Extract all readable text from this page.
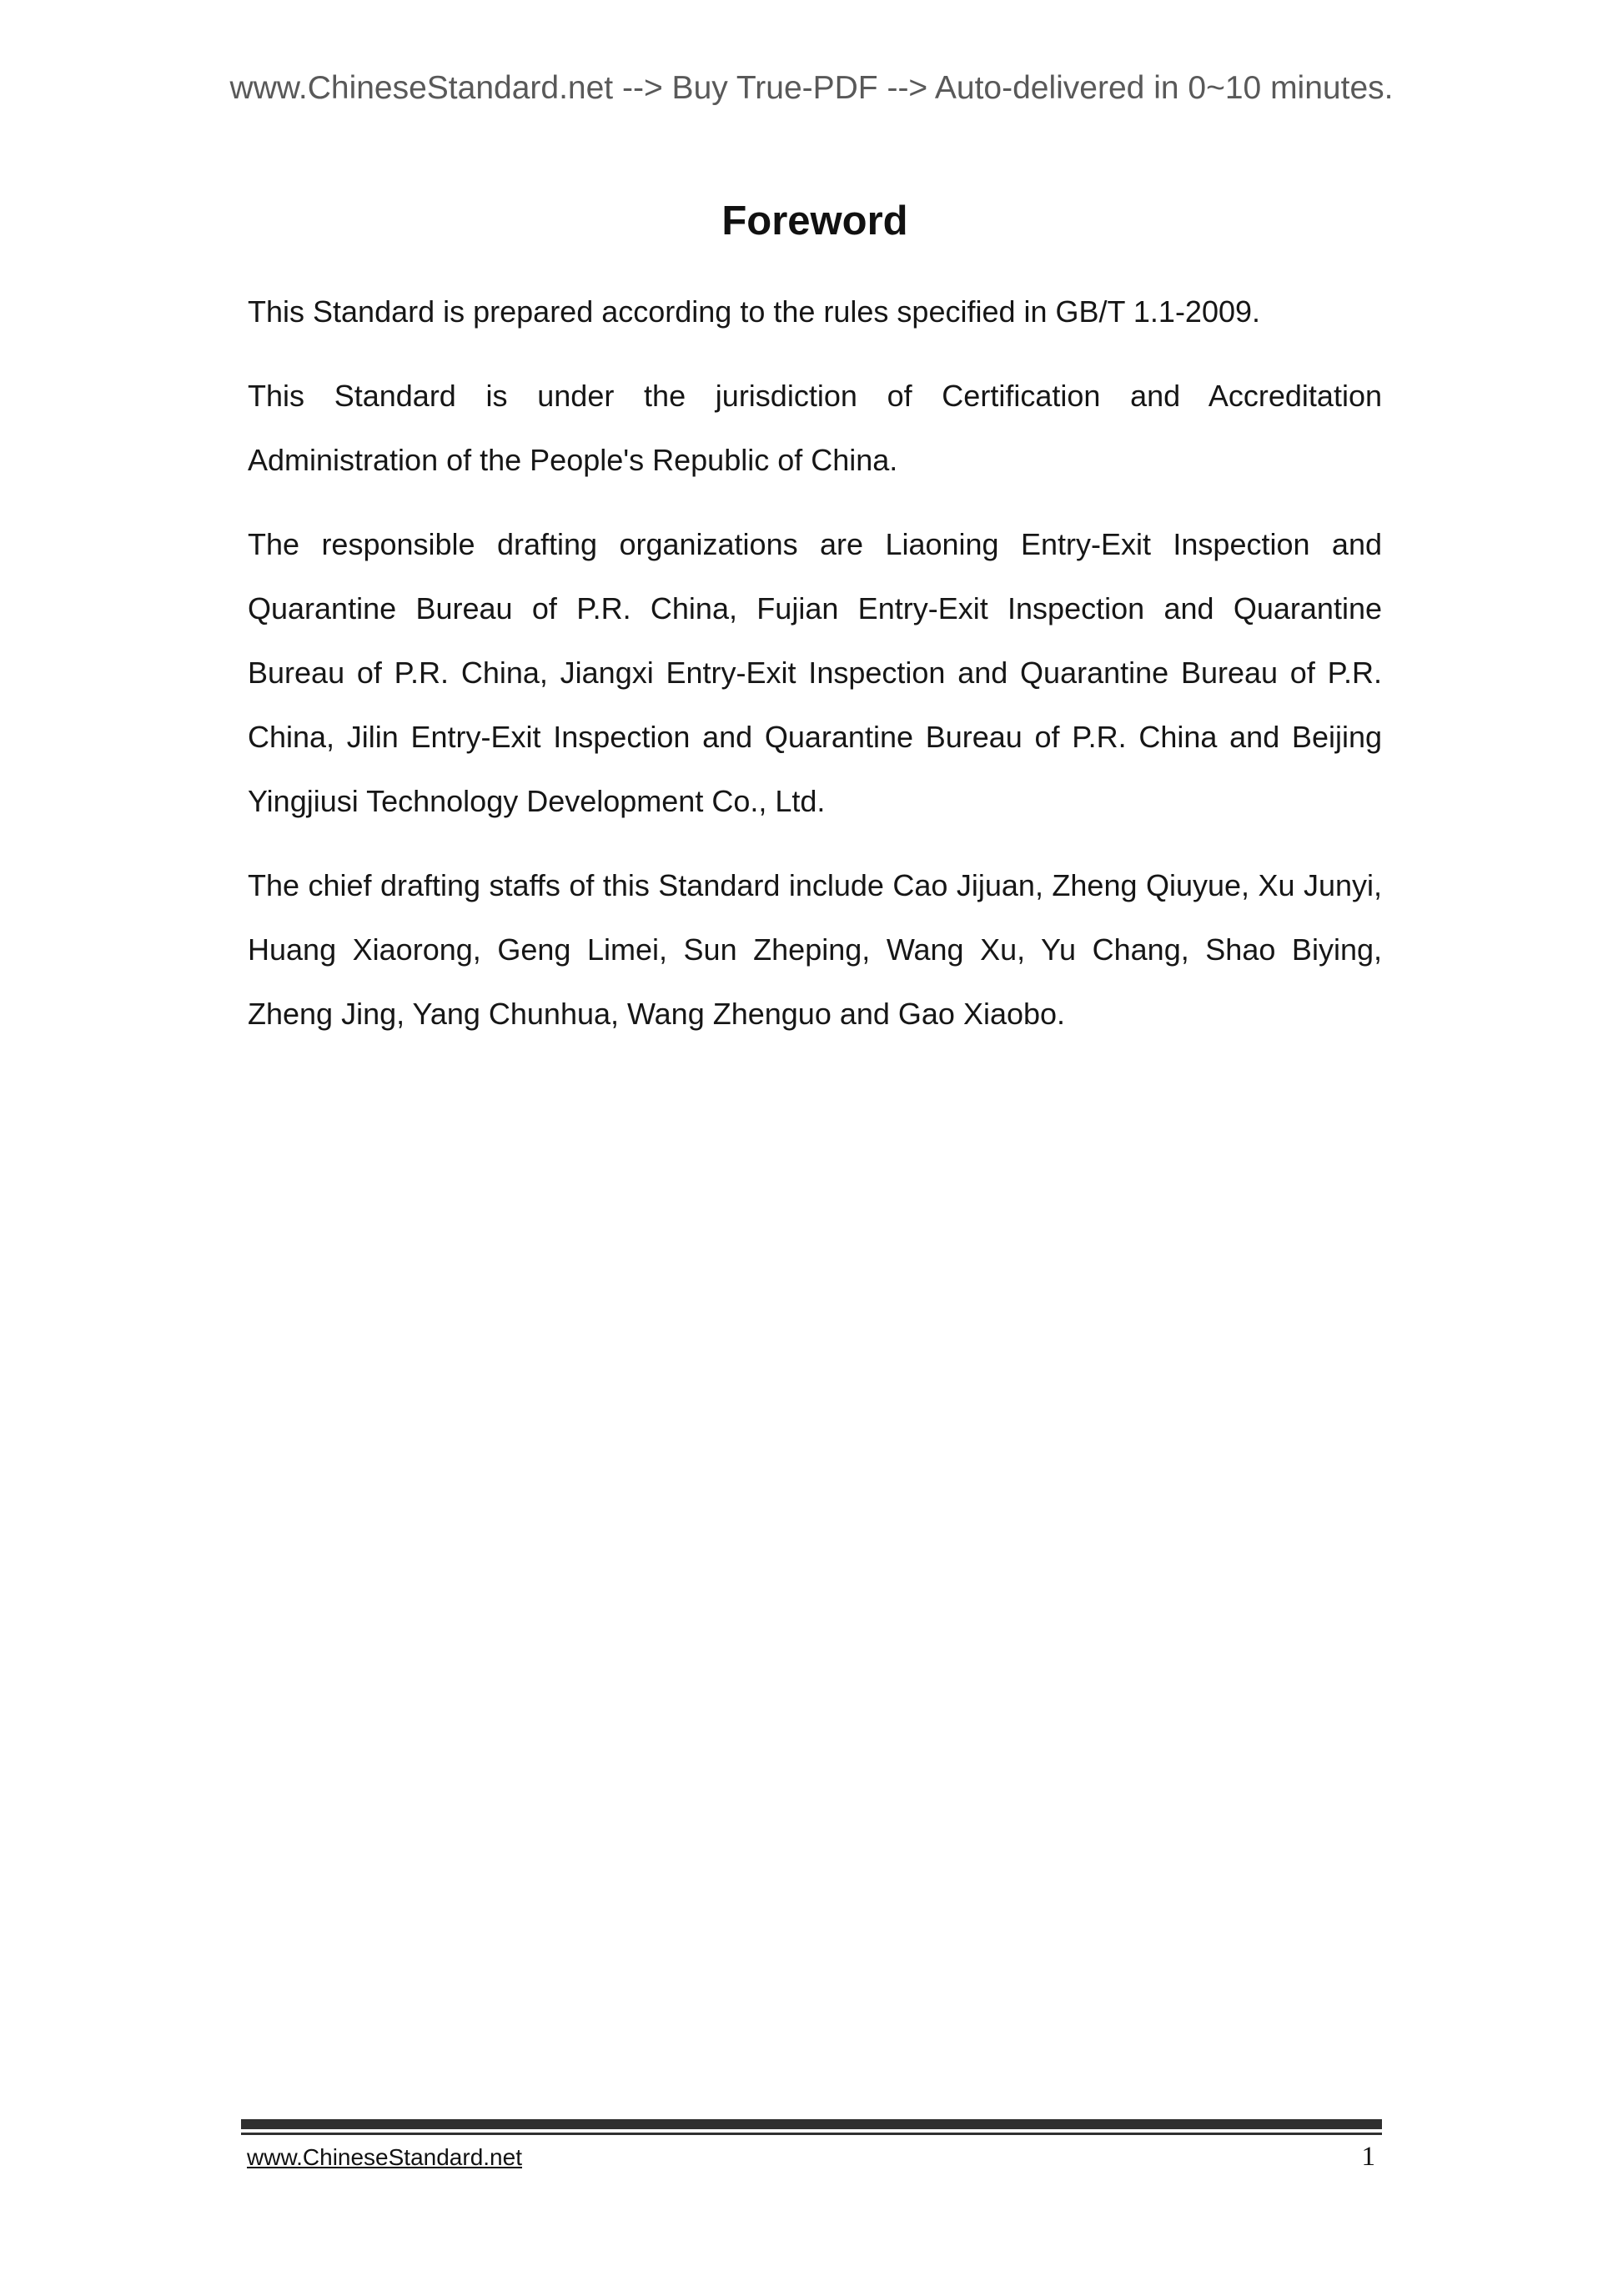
www.ChineseStandard.net --> Buy True-PDF --> Auto-delivered in 0~10 minutes.
Foreword

This Standard is prepared according to the rules specified in GB/T 1.1-2009.

This Standard is under the jurisdiction of Certification and Accreditation Administration of the People's Republic of China.

The responsible drafting organizations are Liaoning Entry-Exit Inspection and Quarantine Bureau of P.R. China, Fujian Entry-Exit Inspection and Quarantine Bureau of P.R. China, Jiangxi Entry-Exit Inspection and Quarantine Bureau of P.R. China, Jilin Entry-Exit Inspection and Quarantine Bureau of P.R. China and Beijing Yingjiusi Technology Development Co., Ltd.

The chief drafting staffs of this Standard include Cao Jijuan, Zheng Qiuyue, Xu Junyi, Huang Xiaorong, Geng Limei, Sun Zheping, Wang Xu, Yu Chang, Shao Biying, Zheng Jing, Yang Chunhua, Wang Zhenguo and Gao Xiaobo.

www.ChineseStandard.net	1
